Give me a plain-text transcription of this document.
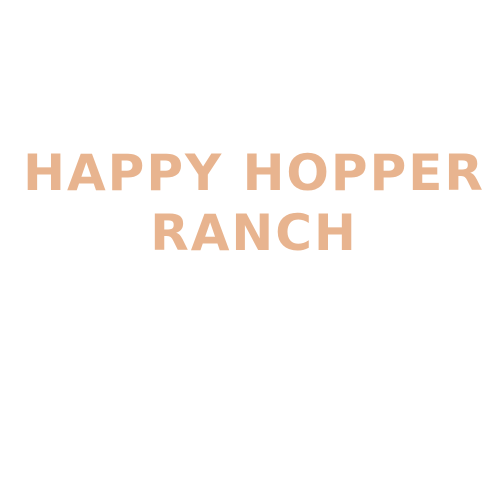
HAPPY HOPPER
RANCH
